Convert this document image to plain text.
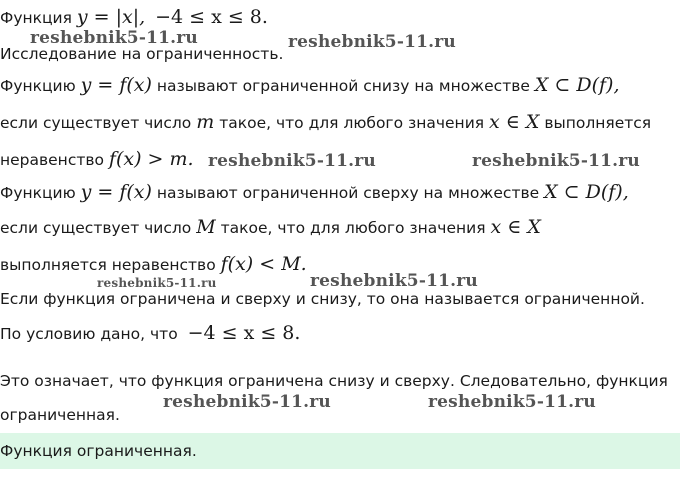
Функция y = |x|, −4 ≤ x ≤ 8.
Исследование на ограниченность.
Функцию y = f(x) называют ограниченной снизу на множестве X ⊂ D(f),
если существует число m такое, что для любого значения x ∈ X выполняется
неравенство f(x) > m.
Функцию y = f(x) называют ограниченной сверху на множестве X ⊂ D(f),
если существует число M такое, что для любого значения x ∈ X
выполняется неравенство f(x) < M.
Если функция ограничена и сверху и снизу, то она называется ограниченной.
По условию дано, что −4 ≤ x ≤ 8.
Это означает, что функция ограничена снизу и сверху. Следовательно, функция
ограниченная.
Функция ограниченная.
reshebnik5-11.ru	reshebnik5-11.ru
reshebnik5-11.ru	reshebnik5-11.ru
reshebnik5-11.ru	reshebnik5-11.ru
reshebnik5-11.ru	reshebnik5-11.ru
